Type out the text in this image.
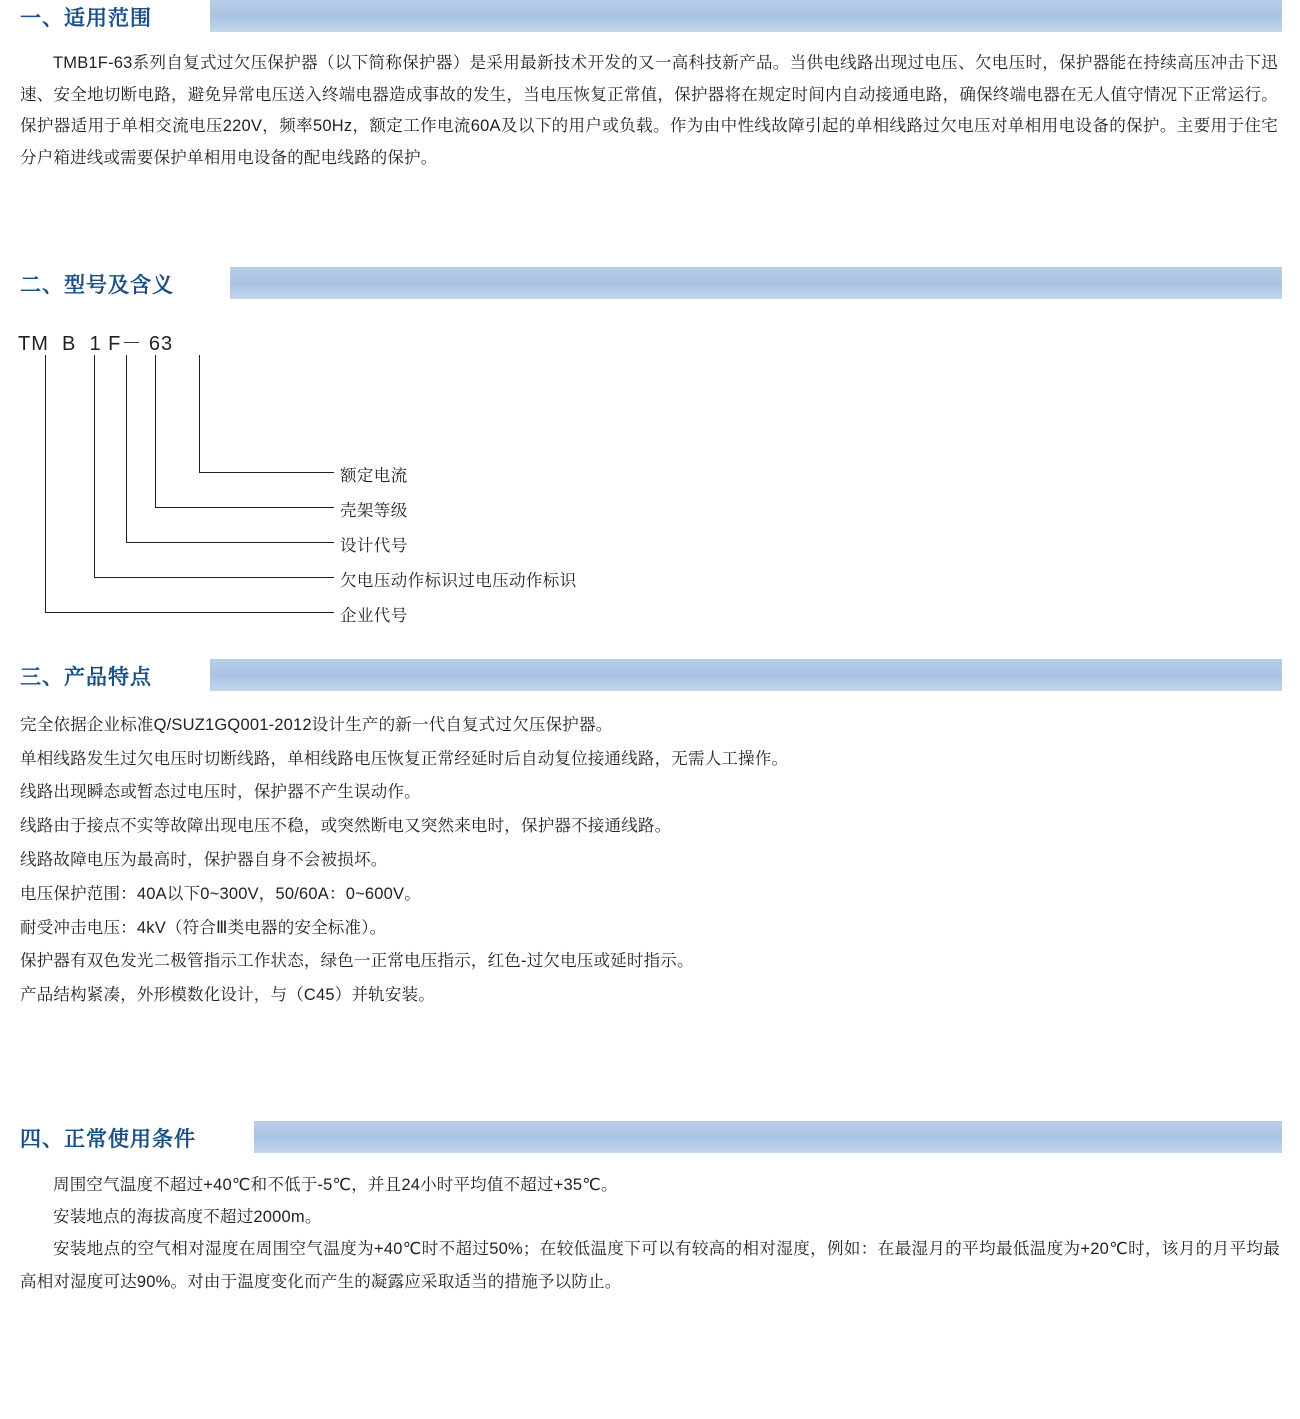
一、适用范围

TMB1F-63系列自复式过欠压保护器（以下简称保护器）是采用最新技术开发的又一高科技新产品。当供电线路出现过电压、欠电压时，保护器能在持续高压冲击下迅速、安全地切断电路，避免异常电压送入终端电器造成事故的发生，当电压恢复正常值，保护器将在规定时间内自动接通电路，确保终端电器在无人值守情况下正常运行。保护器适用于单相交流电压220V，频率50Hz，额定工作电流60A及以下的用户或负载。作为由中性线故障引起的单相线路过欠电压对单相用电设备的保护。主要用于住宅分户箱进线或需要保护单相用电设备的配电线路的保护。

二、型号及含义
TM  B  1 F－ 63
额定电流
壳架等级
设计代号
欠电压动作标识过电压动作标识
企业代号
三、产品特点
完全依据企业标准Q/SUZ1GQ001-2012设计生产的新一代自复式过欠压保护器。
单相线路发生过欠电压时切断线路，单相线路电压恢复正常经延时后自动复位接通线路，无需人工操作。
线路出现瞬态或暂态过电压时，保护器不产生误动作。
线路由于接点不实等故障出现电压不稳，或突然断电又突然来电时，保护器不接通线路。
线路故障电压为最高时，保护器自身不会被损坏。
电压保护范围：40A以下0~300V，50/60A：0~600V。
耐受冲击电压：4kV（符合Ⅲ类电器的安全标准）。
保护器有双色发光二极管指示工作状态，绿色一正常电压指示，红色-过欠电压或延时指示。
产品结构紧凑，外形模数化设计，与（C45）并轨安装。
四、正常使用条件

周围空气温度不超过+40℃和不低于-5℃，并且24小时平均值不超过+35℃。

安装地点的海拔高度不超过2000m。

安装地点的空气相对湿度在周围空气温度为+40℃时不超过50%；在较低温度下可以有较高的相对湿度，例如：在最湿月的平均最低温度为+20℃时，该月的月平均最高相对湿度可达90%。对由于温度变化而产生的凝露应采取适当的措施予以防止。
